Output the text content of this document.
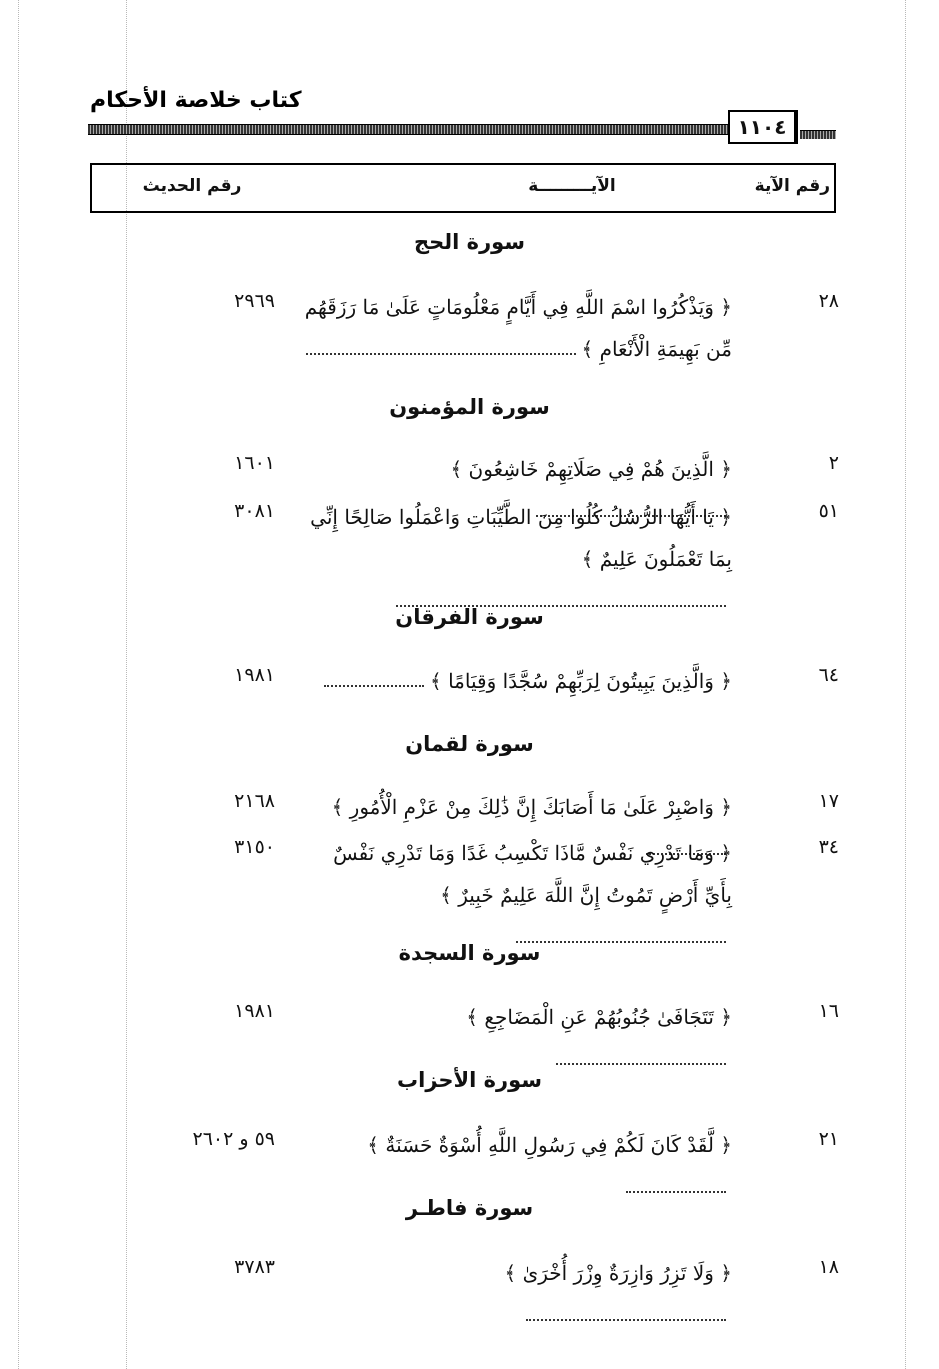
كتاب خلاصة الأحكام
١١٠٤
رقم الآية
الآيـــــــــة
رقم الحديث
سورة الحج
٢٨
﴿ وَيَذْكُرُوا اسْمَ اللَّهِ فِي أَيَّامٍ مَعْلُومَاتٍ عَلَىٰ مَا رَزَقَهُم مِّن بَهِيمَةِ الْأَنْعَامِ ﴾
٢٩٦٩
سورة المؤمنون
٢
﴿ الَّذِينَ هُمْ فِي صَلَاتِهِمْ خَاشِعُونَ ﴾
١٦٠١
٥١
﴿ يَا أَيُّهَا الرُّسُلُ كُلُوا مِنَ الطَّيِّبَاتِ وَاعْمَلُوا صَالِحًا إِنِّي بِمَا تَعْمَلُونَ عَلِيمٌ ﴾
٣٠٨١
سورة الفرقان
٦٤
﴿ وَالَّذِينَ يَبِيتُونَ لِرَبِّهِمْ سُجَّدًا وَقِيَامًا ﴾
١٩٨١
سورة لقمان
١٧
﴿ وَاصْبِرْ عَلَىٰ مَا أَصَابَكَ إِنَّ ذَٰلِكَ مِنْ عَزْمِ الْأُمُورِ ﴾
٢١٦٨
٣٤
﴿ وَمَا تَدْرِي نَفْسٌ مَّاذَا تَكْسِبُ غَدًا وَمَا تَدْرِي نَفْسٌ بِأَيِّ أَرْضٍ تَمُوتُ إِنَّ اللَّهَ عَلِيمٌ خَبِيرٌ ﴾
٣١٥٠
سورة السجدة
١٦
﴿ تَتَجَافَىٰ جُنُوبُهُمْ عَنِ الْمَضَاجِعِ ﴾
١٩٨١
سورة الأحزاب
٢١
﴿ لَّقَدْ كَانَ لَكُمْ فِي رَسُولِ اللَّهِ أُسْوَةٌ حَسَنَةٌ ﴾
٥٩ و ٢٦٠٢
سورة فاطـر
١٨
﴿ وَلَا تَزِرُ وَازِرَةٌ وِزْرَ أُخْرَىٰ ﴾
٣٧٨٣
